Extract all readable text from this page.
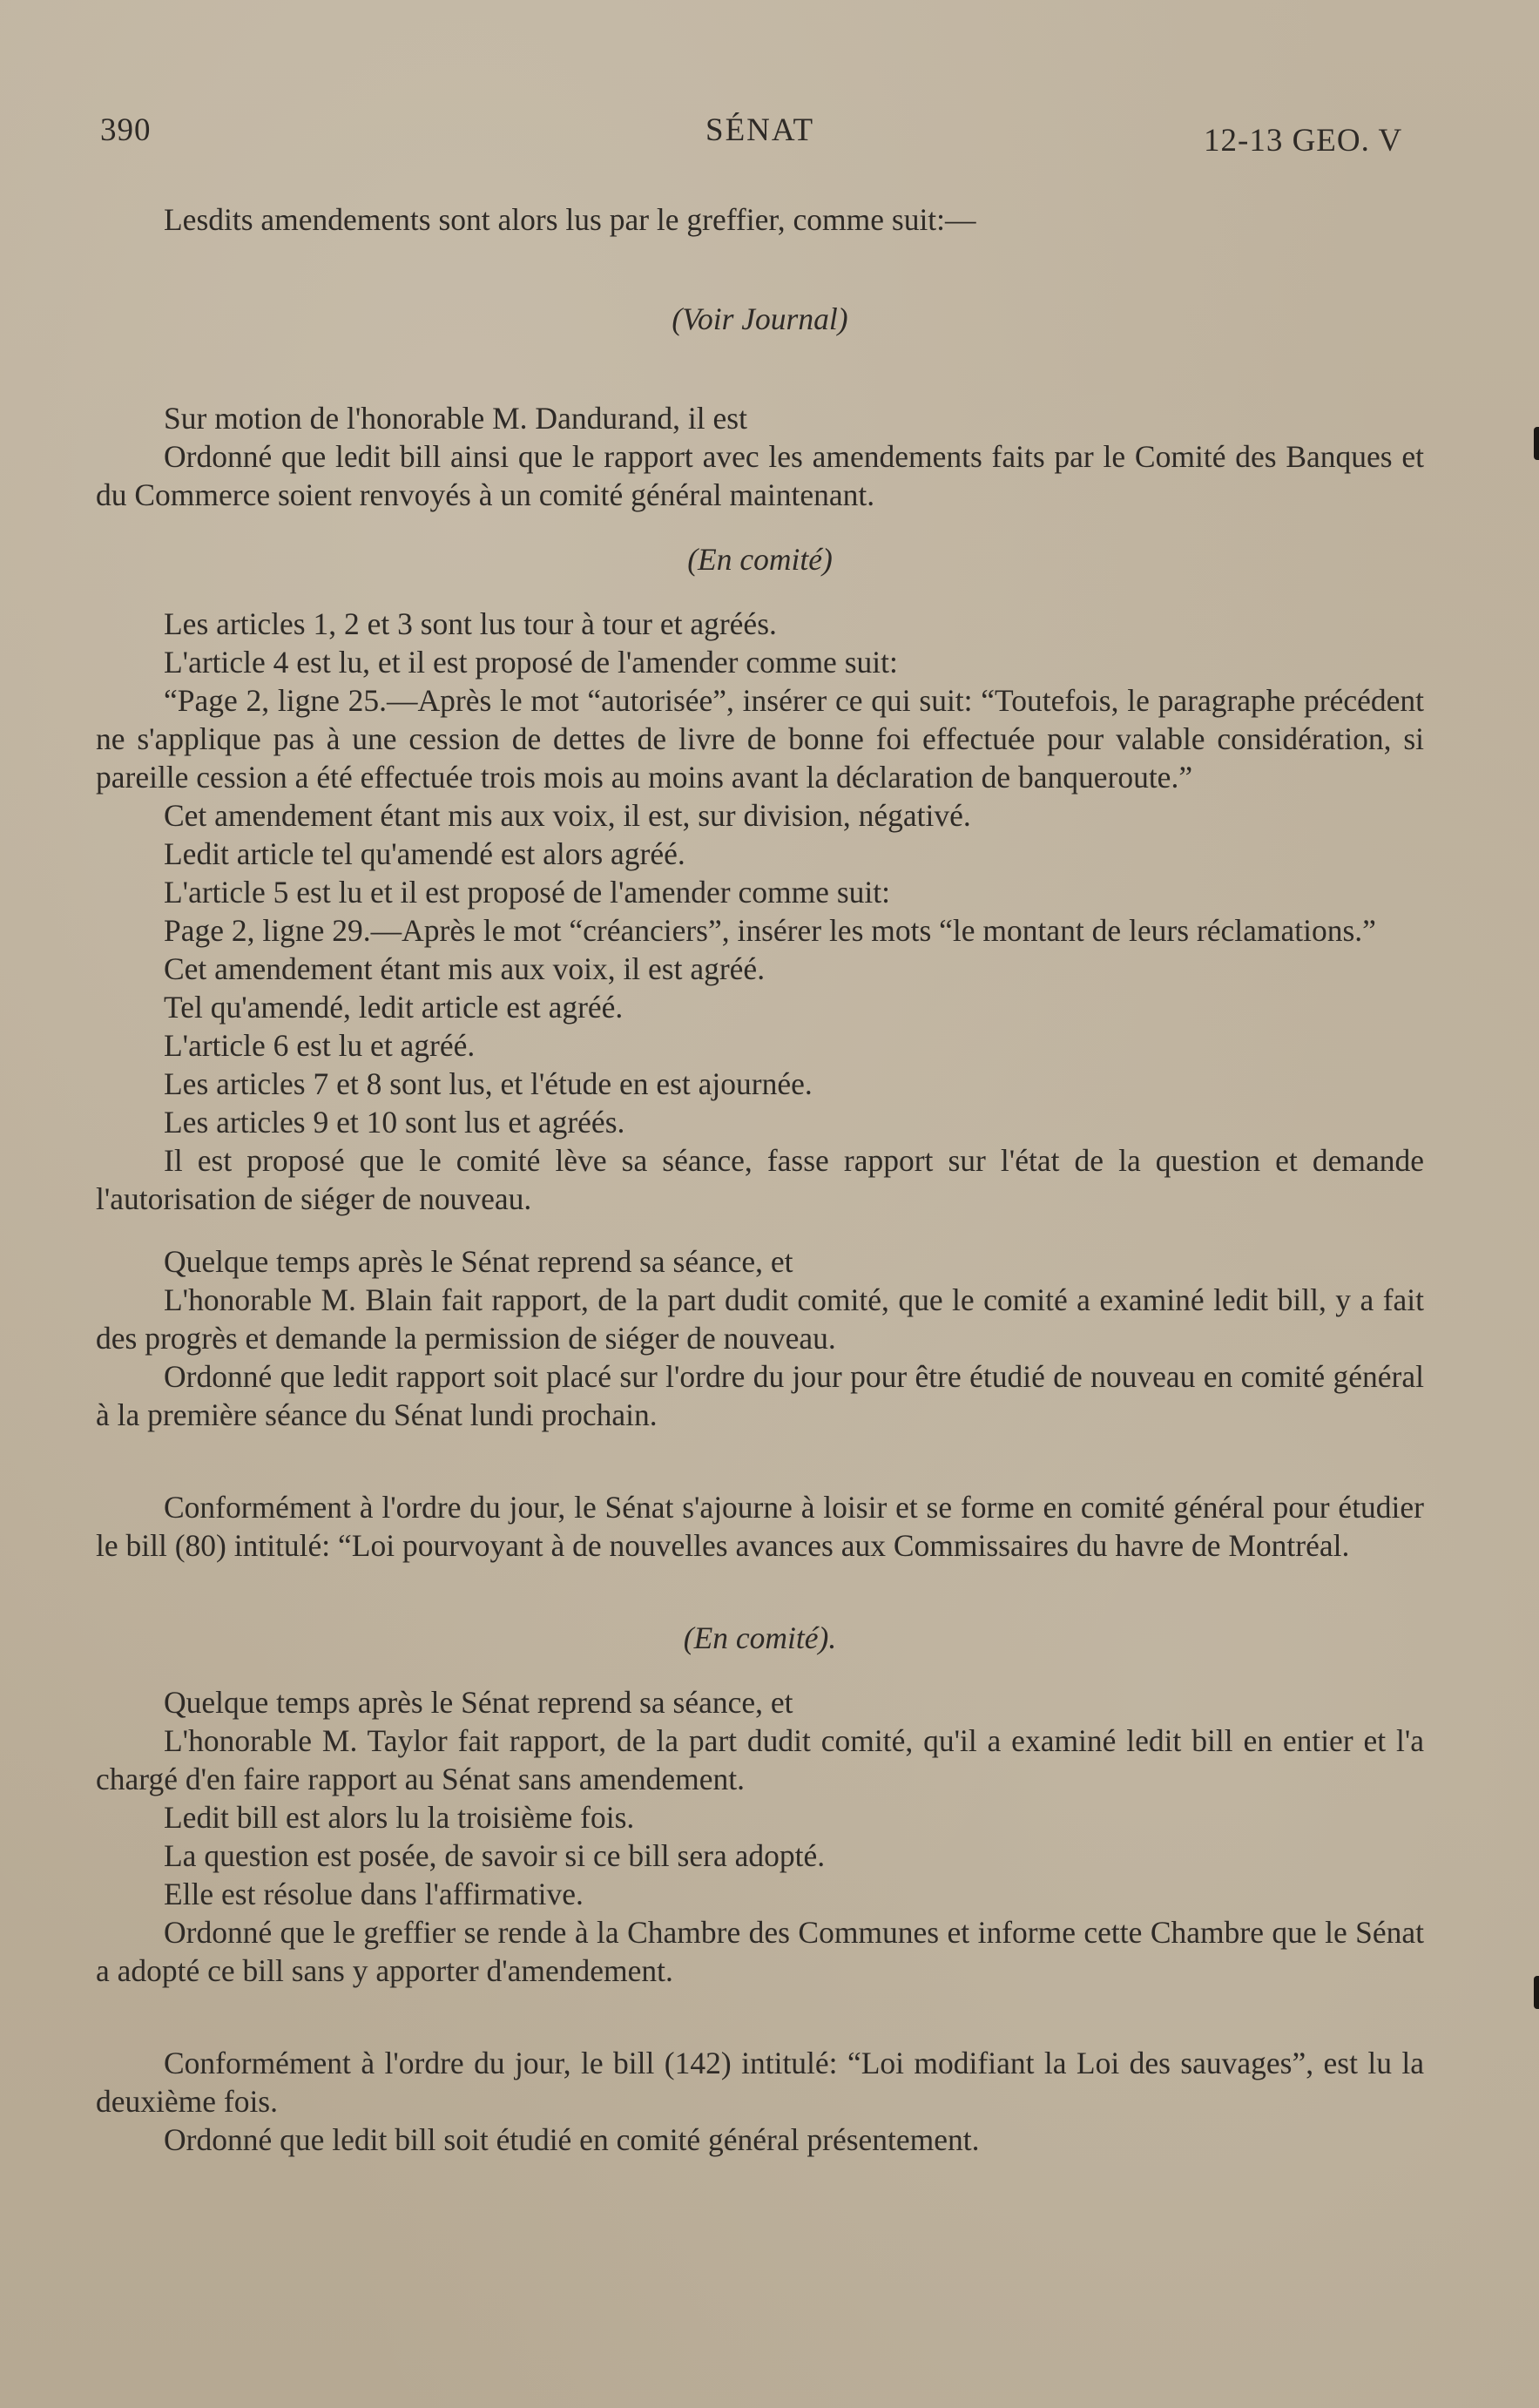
390	SÉNAT	12-13 GEO. V

Lesdits amendements sont alors lus par le greffier, comme suit:—

(Voir Journal)

Sur motion de l'honorable M. Dandurand, il est

Ordonné que ledit bill ainsi que le rapport avec les amendements faits par le Comité des Banques et du Commerce soient renvoyés à un comité général maintenant.

(En comité)

Les articles 1, 2 et 3 sont lus tour à tour et agréés.

L'article 4 est lu, et il est proposé de l'amender comme suit:

“Page 2, ligne 25.—Après le mot “autorisée”, insérer ce qui suit: “Toutefois, le paragraphe précédent ne s'applique pas à une cession de dettes de livre de bonne foi effectuée pour valable considération, si pareille cession a été effectuée trois mois au moins avant la déclaration de banqueroute.”

Cet amendement étant mis aux voix, il est, sur division, négativé.

Ledit article tel qu'amendé est alors agréé.

L'article 5 est lu et il est proposé de l'amender comme suit:

Page 2, ligne 29.—Après le mot “créanciers”, insérer les mots “le montant de leurs réclamations.”

Cet amendement étant mis aux voix, il est agréé.

Tel qu'amendé, ledit article est agréé.

L'article 6 est lu et agréé.

Les articles 7 et 8 sont lus, et l'étude en est ajournée.

Les articles 9 et 10 sont lus et agréés.

Il est proposé que le comité lève sa séance, fasse rapport sur l'état de la question et demande l'autorisation de siéger de nouveau.

Quelque temps après le Sénat reprend sa séance, et

L'honorable M. Blain fait rapport, de la part dudit comité, que le comité a examiné ledit bill, y a fait des progrès et demande la permission de siéger de nouveau.

Ordonné que ledit rapport soit placé sur l'ordre du jour pour être étudié de nouveau en comité général à la première séance du Sénat lundi prochain.

Conformément à l'ordre du jour, le Sénat s'ajourne à loisir et se forme en comité général pour étudier le bill (80) intitulé: “Loi pourvoyant à de nouvelles avances aux Commissaires du havre de Montréal.

(En comité).

Quelque temps après le Sénat reprend sa séance, et

L'honorable M. Taylor fait rapport, de la part dudit comité, qu'il a examiné ledit bill en entier et l'a chargé d'en faire rapport au Sénat sans amendement.

Ledit bill est alors lu la troisième fois.

La question est posée, de savoir si ce bill sera adopté.

Elle est résolue dans l'affirmative.

Ordonné que le greffier se rende à la Chambre des Communes et informe cette Chambre que le Sénat a adopté ce bill sans y apporter d'amendement.

Conformément à l'ordre du jour, le bill (142) intitulé: “Loi modifiant la Loi des sauvages”, est lu la deuxième fois.

Ordonné que ledit bill soit étudié en comité général présentement.
